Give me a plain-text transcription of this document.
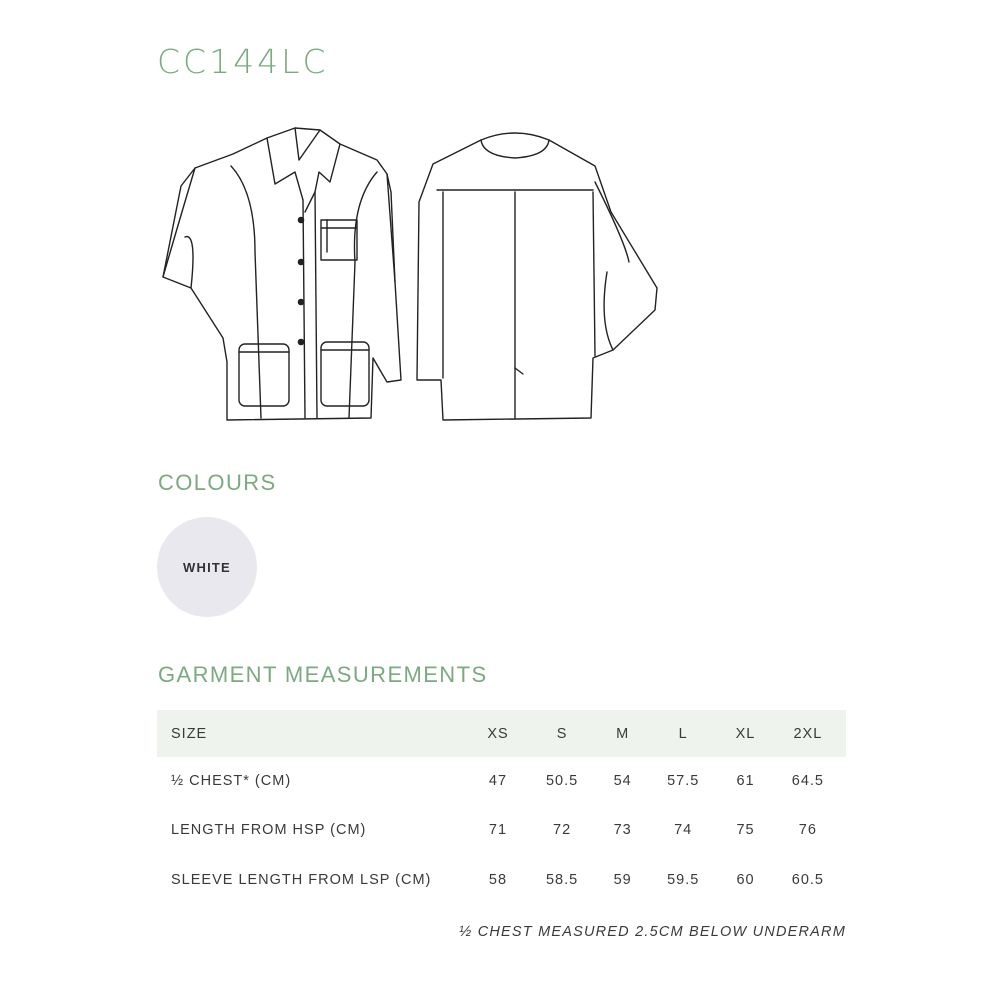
CC144LC
COLOURS
WHITE
GARMENT MEASUREMENTS
SIZE	XS	S	M	L	XL	2XL
½ CHEST* (CM)	47	50.5	54	57.5	61	64.5
LENGTH FROM HSP (CM)	71	72	73	74	75	76
SLEEVE LENGTH FROM LSP (CM)	58	58.5	59	59.5	60	60.5
½ CHEST MEASURED 2.5CM BELOW UNDERARM
